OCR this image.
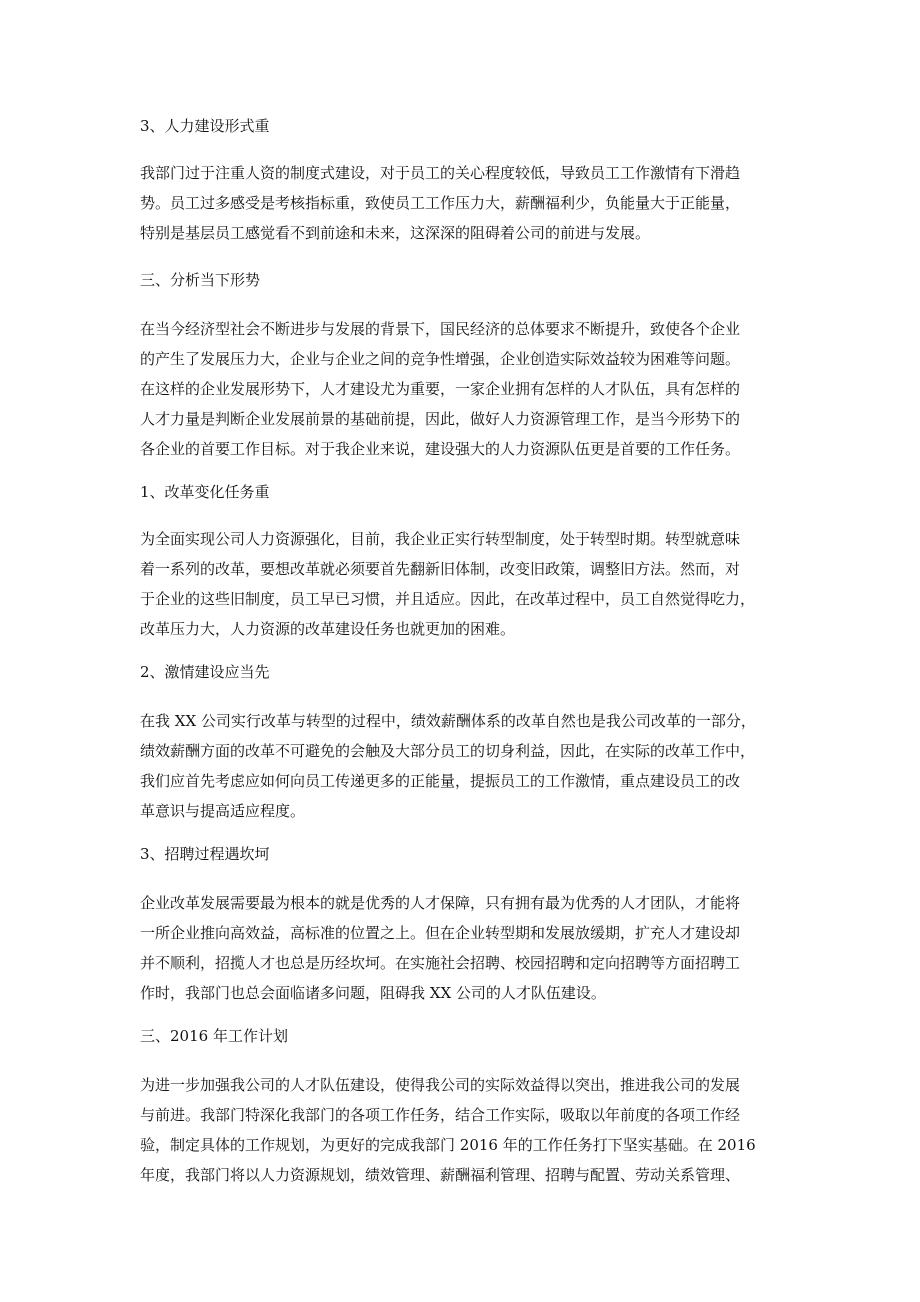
3、人力建设形式重
我部门过于注重人资的制度式建设，对于员工的关心程度较低，导致员工工作激情有下滑趋
势。员工过多感受是考核指标重，致使员工工作压力大，薪酬福利少，负能量大于正能量，
特别是基层员工感觉看不到前途和未来，这深深的阻碍着公司的前进与发展。
三、分析当下形势
在当今经济型社会不断进步与发展的背景下，国民经济的总体要求不断提升，致使各个企业
的产生了发展压力大，企业与企业之间的竞争性增强，企业创造实际效益较为困难等问题。
在这样的企业发展形势下，人才建设尤为重要，一家企业拥有怎样的人才队伍，具有怎样的
人才力量是判断企业发展前景的基础前提，因此，做好人力资源管理工作，是当今形势下的
各企业的首要工作目标。对于我企业来说，建设强大的人力资源队伍更是首要的工作任务。
1、改革变化任务重
为全面实现公司人力资源强化，目前，我企业正实行转型制度，处于转型时期。转型就意味
着一系列的改革，要想改革就必须要首先翻新旧体制，改变旧政策，调整旧方法。然而，对
于企业的这些旧制度，员工早已习惯，并且适应。因此，在改革过程中，员工自然觉得吃力，
改革压力大，人力资源的改革建设任务也就更加的困难。
2、激情建设应当先
在我 XX 公司实行改革与转型的过程中，绩效薪酬体系的改革自然也是我公司改革的一部分，
绩效薪酬方面的改革不可避免的会触及大部分员工的切身利益，因此，在实际的改革工作中，
我们应首先考虑应如何向员工传递更多的正能量，提振员工的工作激情，重点建设员工的改
革意识与提高适应程度。
3、招聘过程遇坎坷
企业改革发展需要最为根本的就是优秀的人才保障，只有拥有最为优秀的人才团队，才能将
一所企业推向高效益，高标准的位置之上。但在企业转型期和发展放缓期，扩充人才建设却
并不顺利，招揽人才也总是历经坎坷。在实施社会招聘、校园招聘和定向招聘等方面招聘工
作时，我部门也总会面临诸多问题，阻碍我 XX 公司的人才队伍建设。
三、2016 年工作计划
为进一步加强我公司的人才队伍建设，使得我公司的实际效益得以突出，推进我公司的发展
与前进。我部门特深化我部门的各项工作任务，结合工作实际，吸取以年前度的各项工作经
验，制定具体的工作规划，为更好的完成我部门 2016 年的工作任务打下坚实基础。在 2016
年度，我部门将以人力资源规划，绩效管理、薪酬福利管理、招聘与配置、劳动关系管理、
